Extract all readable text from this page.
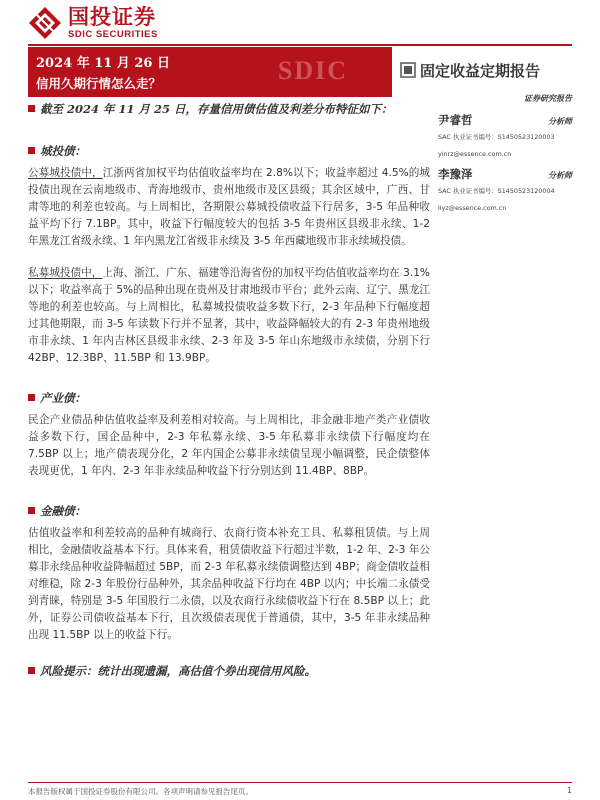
国投证券
SDIC SECURITIES
2024 年 11 月 26 日
信用久期行情怎么走？	SDIC	固定收益定期报告
截至 2024 年 11 月 25 日，存量信用债估值及利差分布特征如下：
城投债：

公募城投债中，江浙两省加权平均估值收益率均在 2.8%以下；收益率超过 4.5%的城投债出现在云南地级市、青海地级市、贵州地级市及区县级；其余区域中，广西、甘肃等地的利差也较高。与上周相比，各期限公募城投债收益下行居多，3-5 年品种收益平均下行 7.1BP。其中，收益下行幅度较大的包括 3-5 年贵州区县级非永续、1-2 年黑龙江省级永续、1 年内黑龙江省级非永续及 3-5 年西藏地级市非永续城投债。

私募城投债中，上海、浙江、广东、福建等沿海省份的加权平均估值收益率均在 3.1%以下；收益率高于 5%的品种出现在贵州及甘肃地级市平台；此外云南、辽宁、黑龙江等地的利差也较高。与上周相比，私募城投债收益多数下行，2-3 年品种下行幅度超过其他期限，而 3-5 年读数下行并不显著，其中，收益降幅较大的有 2-3 年贵州地级市非永续、1 年内吉林区县级非永续、2-3 年及 3-5 年山东地级市永续债，分别下行 42BP、12.3BP、11.5BP 和 13.9BP。

产业债：

民企产业债品种估值收益率及利差相对较高。与上周相比，非金融非地产类产业债收益多数下行，国企品种中，2-3 年私募永续、3-5 年私募非永续债下行幅度均在 7.5BP 以上；地产债表现分化，2 年内国企公募非永续债呈现小幅调整，民企债整体表现更优，1 年内、2-3 年非永续品种收益下行分别达到 11.4BP、8BP。

金融债：

估值收益率和利差较高的品种有城商行、农商行资本补充工具、私募租赁债。与上周相比，金融债收益基本下行。具体来看，租赁债收益下行超过半数，1-2 年、2-3 年公募非永续品种收益降幅超过 5BP，而 2-3 年私募永续债调整达到 4BP；商金债收益相对维稳，除 2-3 年股份行品种外，其余品种收益下行均在 4BP 以内；中长端二永债受到青睐，特别是 3-5 年国股行二永债，以及农商行永续债收益下行在 8.5BP 以上；此外，证券公司债收益基本下行，且次级债表现优于普通债，其中，3-5 年非永续品种出现 11.5BP 以上的收益下行。

风险提示：统计出现遗漏，高估值个券出现信用风险。
证券研究报告
尹睿哲	分析师
SAC 执业证书编号：S1450523120003
yinrz@essence.com.cn
李豫泽	分析师
SAC 执业证书编号：S1450523120004
liyz@essence.com.cn
本报告版权属于国投证券股份有限公司。各项声明请参见报告尾页。	1
